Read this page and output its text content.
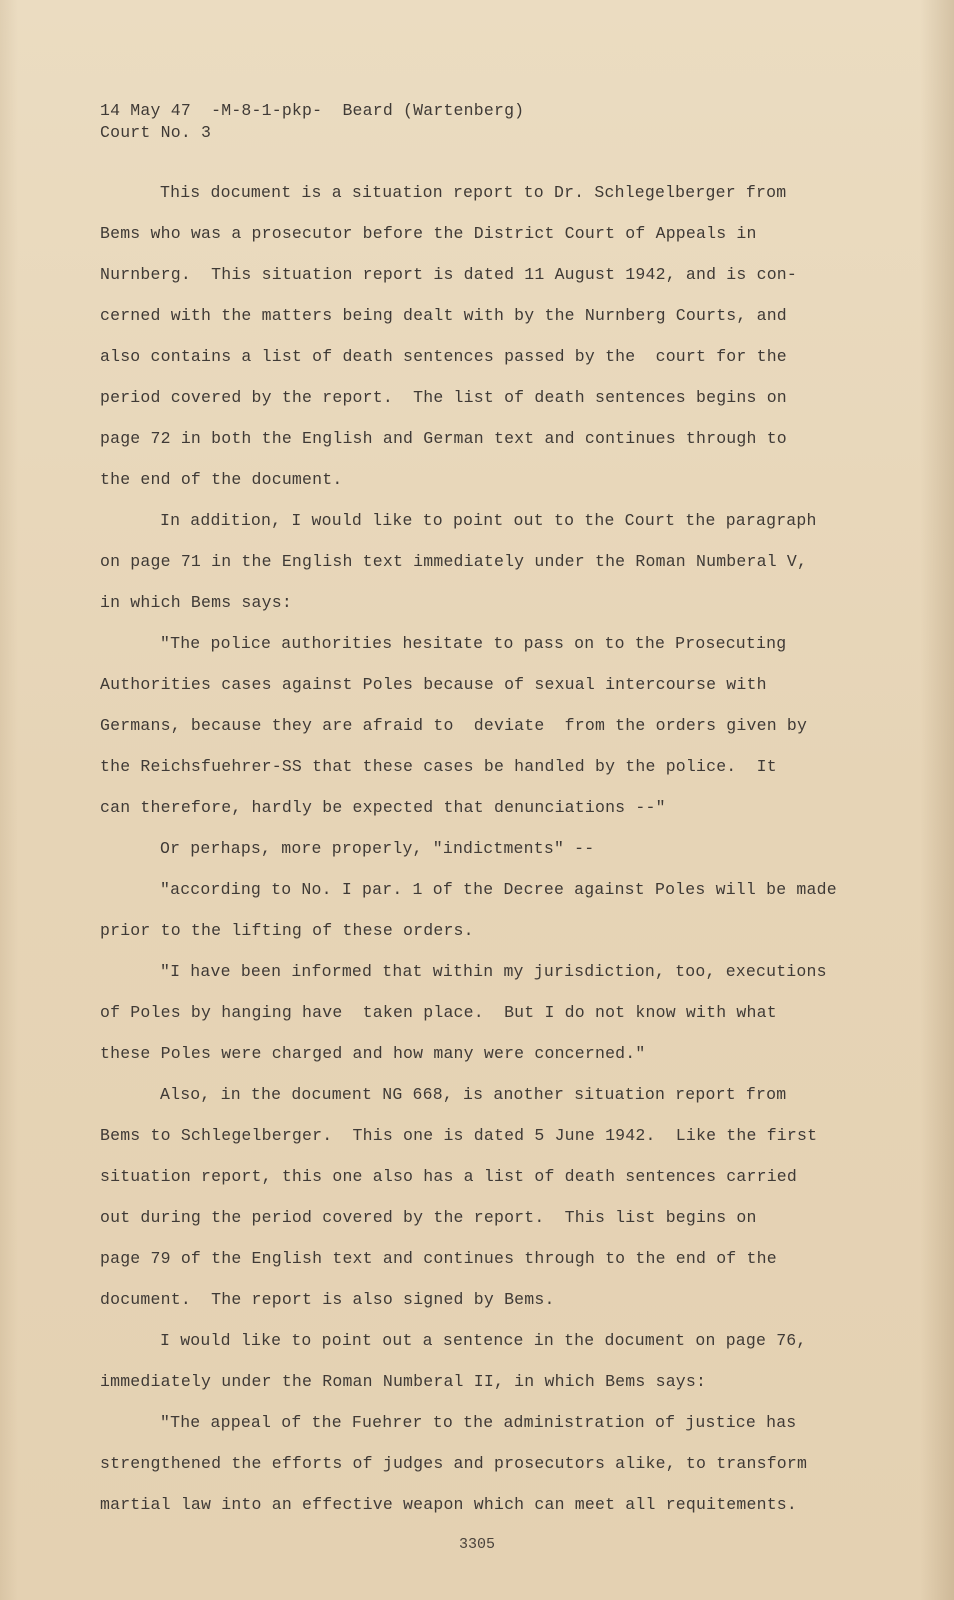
14 May 47  -M-8-1-pkp-  Beard (Wartenberg)
Court No. 3
This document is a situation report to Dr. Schlegelberger from
Bems who was a prosecutor before the District Court of Appeals in
Nurnberg.  This situation report is dated 11 August 1942, and is con-
cerned with the matters being dealt with by the Nurnberg Courts, and
also contains a list of death sentences passed by the  court for the
period covered by the report.  The list of death sentences begins on
page 72 in both the English and German text and continues through to
the end of the document.
In addition, I would like to point out to the Court the paragraph
on page 71 in the English text immediately under the Roman Numberal V,
in which Bems says:
"The police authorities hesitate to pass on to the Prosecuting
Authorities cases against Poles because of sexual intercourse with
Germans, because they are afraid to  deviate  from the orders given by
the Reichsfuehrer-SS that these cases be handled by the police.  It
can therefore, hardly be expected that denunciations --"
Or perhaps, more properly, "indictments" --
"according to No. I par. 1 of the Decree against Poles will be made
prior to the lifting of these orders.
"I have been informed that within my jurisdiction, too, executions
of Poles by hanging have  taken place.  But I do not know with what
these Poles were charged and how many were concerned."
Also, in the document NG 668, is another situation report from
Bems to Schlegelberger.  This one is dated 5 June 1942.  Like the first
situation report, this one also has a list of death sentences carried
out during the period covered by the report.  This list begins on
page 79 of the English text and continues through to the end of the
document.  The report is also signed by Bems.
I would like to point out a sentence in the document on page 76,
immediately under the Roman Numberal II, in which Bems says:
"The appeal of the Fuehrer to the administration of justice has
strengthened the efforts of judges and prosecutors alike, to transform
martial law into an effective weapon which can meet all requitements.
3305
